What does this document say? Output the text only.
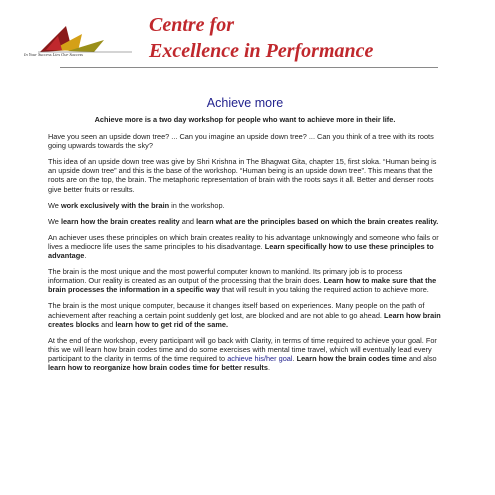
In Your Success Lies Our Success
Centre for
Excellence in Performance
Achieve more

Achieve more is a two day workshop for people who want to achieve more in their life.

Have you seen an upside down tree? ... Can you imagine an upside down tree? ... Can you think of a tree with its roots going upwards towards the sky?

This idea of an upside down tree was give by Shri Krishna in The Bhagwat Gita, chapter 15, first sloka. “Human being is an upside down tree” and this is the base of the workshop. “Human being is an upside down tree”. This means that the roots are on the top, the brain. The metaphoric representation of brain with the roots says it all. Better and denser roots give better fruits or results.

We work exclusively with the brain in the workshop.

We learn how the brain creates reality and learn what are the principles based on which the brain creates reality.

An achiever uses these principles on which brain creates reality to his advantage unknowingly and someone who fails or lives a mediocre life uses the same principles to his disadvantage. Learn specifically how to use these principles to advantage.

The brain is the most unique and the most powerful computer known to mankind. Its primary job is to process information. Our reality is created as an output of the processing that the brain does. Learn how to make sure that the brain processes the information in a specific way that will result in you taking the required action to achieve more.

The brain is the most unique computer, because it changes itself based on experiences. Many people on the path of achievement after reaching a certain point suddenly get lost, are blocked and are not able to go ahead. Learn how brain creates blocks and learn how to get rid of the same.

At the end of the workshop, every participant will go back with Clarity, in terms of time required to achieve your goal. For this we will learn how brain codes time and do some exercises with mental time travel, which will eventually lead every participant to the clarity in terms of the time required to achieve his/her goal. Learn how the brain codes time and also learn how to reorganize how brain codes time for better results.
